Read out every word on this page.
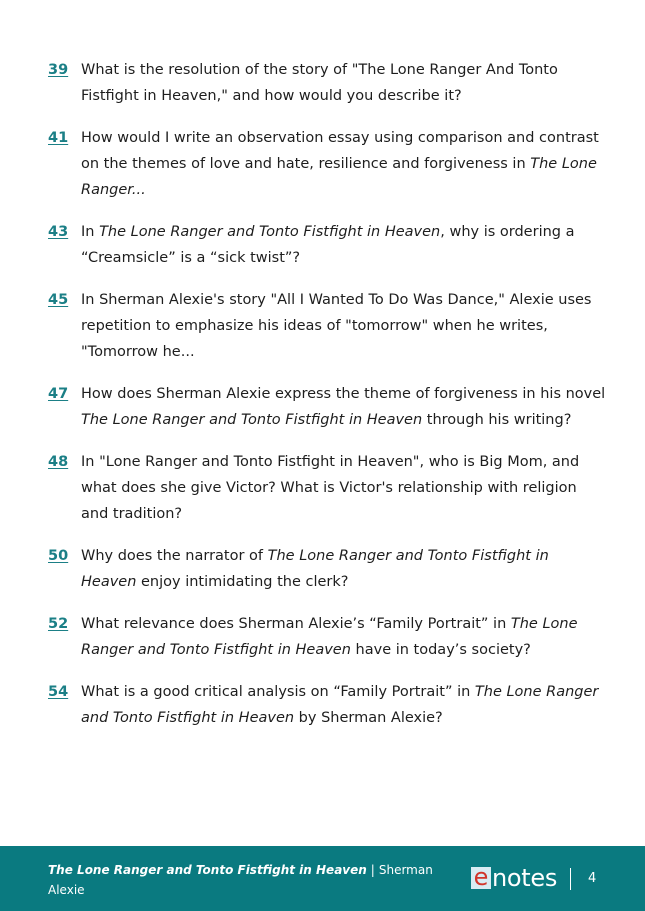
39 What is the resolution of the story of "The Lone Ranger And Tonto Fistfight in Heaven," and how would you describe it?
41 How would I write an observation essay using comparison and contrast on the themes of love and hate, resilience and forgiveness in The Lone Ranger...
43 In The Lone Ranger and Tonto Fistfight in Heaven, why is ordering a “Creamsicle” is a “sick twist”?
45 In Sherman Alexie's story "All I Wanted To Do Was Dance," Alexie uses repetition to emphasize his ideas of "tomorrow" when he writes, "Tomorrow he...
47 How does Sherman Alexie express the theme of forgiveness in his novel The Lone Ranger and Tonto Fistfight in Heaven through his writing?
48 In "Lone Ranger and Tonto Fistfight in Heaven", who is Big Mom, and what does she give Victor? What is Victor's relationship with religion and tradition?
50 Why does the narrator of The Lone Ranger and Tonto Fistfight in Heaven enjoy intimidating the clerk?
52 What relevance does Sherman Alexie’s “Family Portrait” in The Lone Ranger and Tonto Fistfight in Heaven have in today’s society?
54 What is a good critical analysis on “Family Portrait” in The Lone Ranger and Tonto Fistfight in Heaven by Sherman Alexie?
The Lone Ranger and Tonto Fistfight in Heaven | Sherman Alexie	e notes 4
